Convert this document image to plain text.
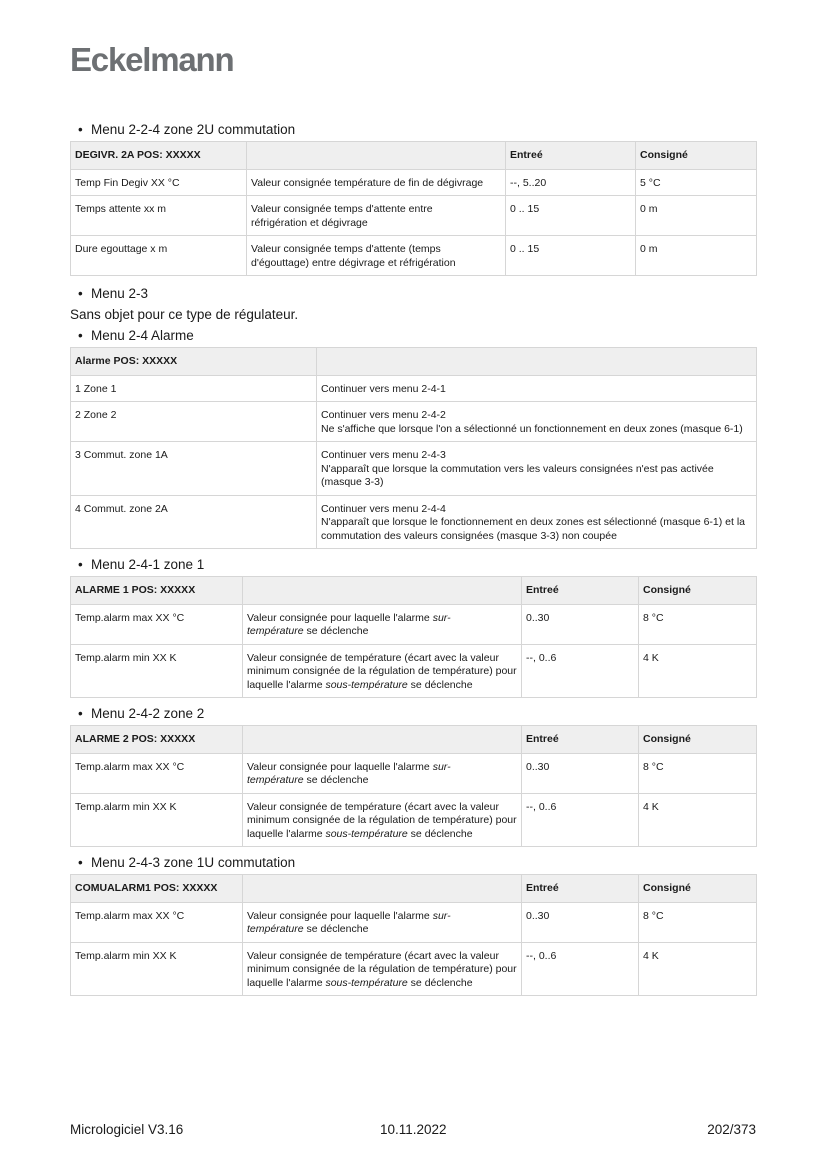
Eckelmann
• Menu 2-2-4 zone 2U commutation
DEGIVR. 2A POS: XXXXX		Entreé	Consigné
Temp Fin Degiv XX °C	Valeur consignée température de fin de dégivrage	--, 5..20	5 °C
Temps attente xx m	Valeur consignée temps d'attente entre réfrigération et dégivrage	0 .. 15	0 m
Dure egouttage x m	Valeur consignée temps d'attente (temps d'égouttage) entre dégivrage et réfrigération	0 .. 15	0 m
• Menu 2-3
Sans objet pour ce type de régulateur.
• Menu 2-4 Alarme
Alarme POS: XXXXX	
1 Zone 1	Continuer vers menu 2-4-1

2 Zone 2	Continuer vers menu 2-4-2
Ne s'affiche que lorsque l'on a sélectionné un fonctionnement en deux zones (masque 6-1)

3 Commut. zone 1A	Continuer vers menu 2-4-3
N'apparaît que lorsque la commutation vers les valeurs consignées n'est pas activée (masque 3-3)

4 Commut. zone 2A	Continuer vers menu 2-4-4
N'apparaît que lorsque le fonctionnement en deux zones est sélectionné (masque 6-1) et la commutation des valeurs consignées (masque 3-3) non coupée
• Menu 2-4-1 zone 1
ALARME 1 POS: XXXXX		Entreé	Consigné
Temp.alarm max XX °C	Valeur consignée pour laquelle l'alarme sur-température se déclenche	0..30	8 °C
Temp.alarm min XX K	Valeur consignée de température (écart avec la valeur minimum consignée de la régulation de température) pour laquelle l'alarme sous-température se déclenche	--, 0..6	4 K
• Menu 2-4-2 zone 2
ALARME 2 POS: XXXXX		Entreé	Consigné
Temp.alarm max XX °C	Valeur consignée pour laquelle l'alarme sur-température se déclenche	0..30	8 °C
Temp.alarm min XX K	Valeur consignée de température (écart avec la valeur minimum consignée de la régulation de température) pour laquelle l'alarme sous-température se déclenche	--, 0..6	4 K
• Menu 2-4-3 zone 1U commutation
COMUALARM1 POS: XXXXX		Entreé	Consigné
Temp.alarm max XX °C	Valeur consignée pour laquelle l'alarme sur-température se déclenche	0..30	8 °C
Temp.alarm min XX K	Valeur consignée de température (écart avec la valeur minimum consignée de la régulation de température) pour laquelle l'alarme sous-température se déclenche	--, 0..6	4 K
Micrologiciel V3.16	10.11.2022	202/373
